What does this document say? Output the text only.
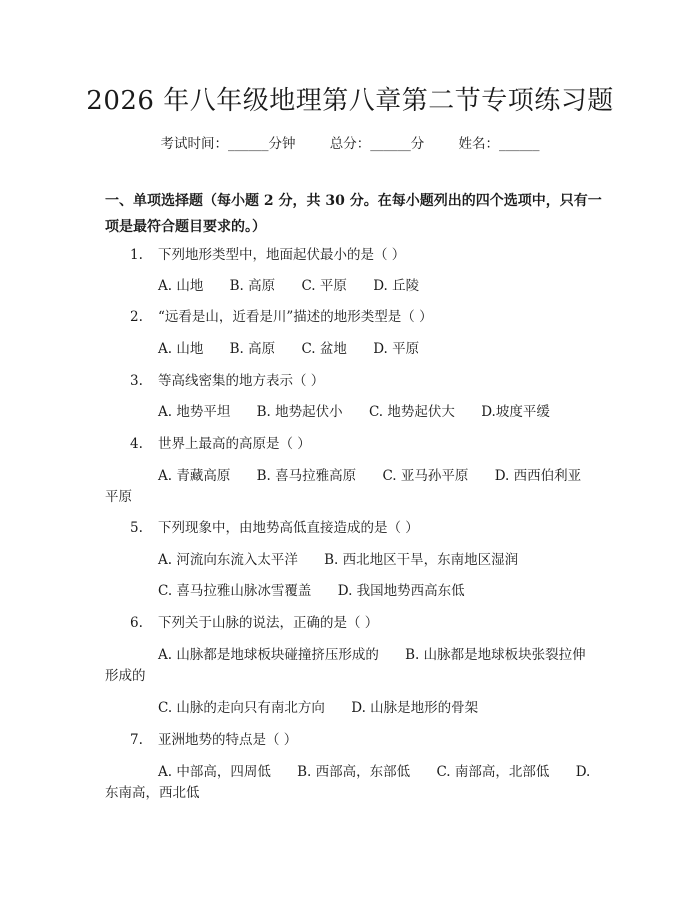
2026 年八年级地理第八章第二节专项练习题
考试时间：______分钟	总分：______分	姓名：______
一、单项选择题（每小题 2 分，共 30 分。在每小题列出的四个选项中，只有一项是最符合题目要求的。）
1. 下列地形类型中，地面起伏最小的是（ ）
A. 山地 B. 高原 C. 平原 D. 丘陵
2. “远看是山，近看是川”描述的地形类型是（ ）
A. 山地 B. 高原 C. 盆地 D. 平原
3. 等高线密集的地方表示（ ）
A. 地势平坦 B. 地势起伏小 C. 地势起伏大 D.坡度平缓
4. 世界上最高的高原是（ ）
A. 青藏高原 B. 喜马拉雅高原 C. 亚马孙平原 D. 西西伯利亚
平原
5. 下列现象中，由地势高低直接造成的是（ ）
A. 河流向东流入太平洋 B. 西北地区干旱，东南地区湿润
C. 喜马拉雅山脉冰雪覆盖 D. 我国地势西高东低
6. 下列关于山脉的说法，正确的是（ ）
A. 山脉都是地球板块碰撞挤压形成的 B. 山脉都是地球板块张裂拉伸
形成的
C. 山脉的走向只有南北方向 D. 山脉是地形的骨架
7. 亚洲地势的特点是（ ）
A. 中部高，四周低 B. 西部高，东部低 C. 南部高，北部低 D.
东南高，西北低
